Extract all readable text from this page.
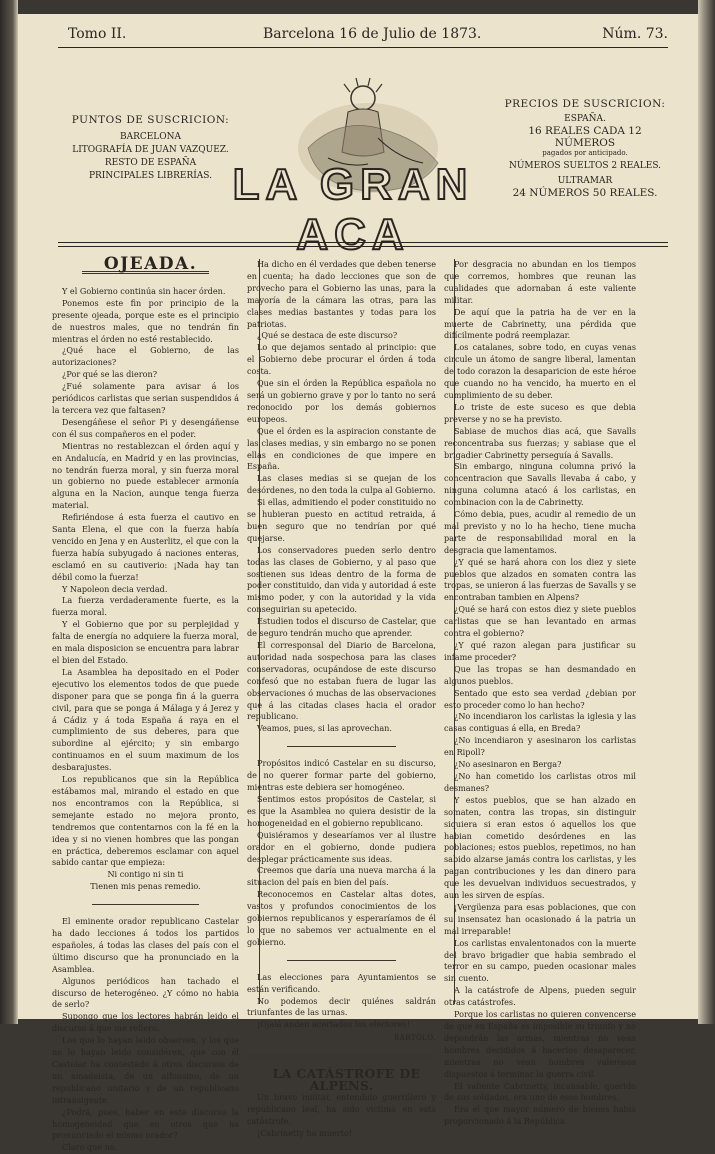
Tomo II.	Barcelona 16 de Julio de 1873.	Núm. 73.
PUNTOS DE SUSCRICION:
BARCELONA
LITOGRAFÍA DE JUAN VAZQUEZ.
RESTO DE ESPAÑA
PRINCIPALES LIBRERÍAS. LA GRAN ACA
PRECIOS DE SUSCRICION:
ESPAÑA.
16 REALES CADA 12 NÚMEROS
pagados por anticipado.
NÚMEROS SUELTOS 2 REALES.
ULTRAMAR
24 NÚMEROS 50 REALES.

OJEADA.

Y el Gobierno continúa sin hacer órden.

Ponemos este fin por principio de la presente ojeada, porque este es el principio de nuestros males, que no tendrán fin mientras el órden no esté restablecido.

¿Qué hace el Gobierno, de las autorizaciones?

¿Por qué se las dieron?

¿Fué solamente para avisar á los periódicos carlistas que serian suspendidos á la tercera vez que faltasen?

Desengáñese el señor Pi y desengáñense con él sus compañeros en el poder.

Mientras no restablezcan el órden aquí y en Andalucía, en Madrid y en las provincias, no tendrán fuerza moral, y sin fuerza moral un gobierno no puede establecer armonía alguna en la Nacion, aunque tenga fuerza material.

Refiriéndose á esta fuerza el cautivo en Santa Elena, el que con la fuerza había vencido en Jena y en Austerlitz, el que con la fuerza había subyugado á naciones enteras, esclamó en su cautiverio: ¡Nada hay tan débil como la fuerza!

Y Napoleon decia verdad.

La fuerza verdaderamente fuerte, es la fuerza moral.

Y el Gobierno que por su perplejidad y falta de energía no adquiere la fuerza moral, en mala disposicion se encuentra para labrar el bien del Estado.

La Asamblea ha depositado en el Poder ejecutivo los elementos todos de que puede disponer para que se ponga fin á la guerra civil, para que se ponga á Málaga y á Jerez y á Cádiz y á toda España á raya en el cumplimiento de sus deberes, para que subordine al ejército; y sin embargo continuamos en el suum maximum de los desbarajustes.

Los republicanos que sin la República estábamos mal, mirando el estado en que nos encontramos con la República, si semejante estado no mejora pronto, tendremos que contentarnos con la fé en la idea y si no vienen hombres que las pongan en práctica, deberemos esclamar con aquel sabido cantar que empieza:

Ni contigo ni sin ti

Tienen mis penas remedio.

El eminente orador republicano Castelar ha dado lecciones á todos los partidos españoles, á todas las clases del país con el último discurso que ha pronunciado en la Asamblea.

Algunos periódicos han tachado el discurso de heterogéneo. ¿Y cómo no habia de serlo?

Supongo que los lectores habrán leido el discurso á que me refiero.

Los que lo hayan leido observen, y los que no lo hayan leido considéren, que con él Castelar ha contestado á otros discursos de un amadeista, de un alfonsino, de un republicano unitario y de un republicano intransigente.

¿Podrá, pues, haber en este discurso la homogeneidad que en otros que ha pronunciado el mismo orador?

Claro que no.

Ha dicho en él verdades que deben tenerse en cuenta; ha dado lecciones que son de provecho para el Gobierno las unas, para la mayoría de la cámara las otras, para las clases medias bastantes y todas para los patriotas.

¿Qué se destaca de este discurso?

Lo que dejamos sentado al principio: que el Gobierno debe procurar el órden á toda costa.

Que sin el órden la República española no será un gobierno grave y por lo tanto no será reconocido por los demás gobiernos europeos.

Que el órden es la aspiracion constante de las clases medias, y sin embargo no se ponen ellas en condiciones de que impere en España.

Las clases medias si se quejan de los desórdenes, no den toda la culpa al Gobierno.

Si ellas, admitiendo el poder constituido no se hubieran puesto en actitud retraida, á buen seguro que no tendrían por qué quejarse.

Los conservadores pueden serlo dentro todas las clases de Gobierno, y al paso que sostienen sus ideas dentro de la forma de poder constituido, dan vida y autoridad á este mismo poder, y con la autoridad y la vida conseguirian su apetecido.

Estudien todos el discurso de Castelar, que de seguro tendrán mucho que aprender.

El corresponsal del Diario de Barcelona, autoridad nada sospechosa para las clases conservadoras, ocupándose de este discurso confesó que no estaban fuera de lugar las observaciones ó muchas de las observaciones que á las citadas clases hacia el orador republicano.

Veamos, pues, si las aprovechan.

Propósitos indicó Castelar en su discurso, de no querer formar parte del gobierno, mientras este debiera ser homogéneo.

Sentimos estos propósitos de Castelar, si es que la Asamblea no quiera desistir de la homogeneidad en el gobierno republicano.

Quisiéramos y desearíamos ver al ilustre orador en el gobierno, donde pudiera desplegar prácticamente sus ideas.

Creemos que daría una nueva marcha á la situacion del país en bien del país.

Reconocemos en Castelar altas dotes, vastos y profundos conocimientos de los gobiernos republicanos y esperaríamos de él lo que no sabemos ver actualmente en el gobierno.

Las elecciones para Ayuntamientos se están verificando.

No podemos decir quiénes saldrán triunfantes de las urnas.

¡Ojalá anden acertados los electores!

BARTOLO.

LA CATÁSTROFE DE ALPENS.

Un bravo militar, entendido guerrillero y republicano leal, ha sido víctima en esta catástrofe.

¡Cabrinetty ha muerto!

Por desgracia no abundan en los tiempos que corremos, hombres que reunan las cualidades que adornaban á este valiente militar.

De aquí que la patria ha de ver en la muerte de Cabrinetty, una pérdida que difícilmente podrá reemplazar.

Los catalanes, sobre todo, en cuyas venas circule un átomo de sangre liberal, lamentan de todo corazon la desaparicion de este héroe que cuando no ha vencido, ha muerto en el cumplimiento de su deber.

Lo triste de este suceso es que debia preverse y no se ha previsto.

Sabiase de muchos dias acá, que Savalls reconcentraba sus fuerzas; y sabiase que el brigadier Cabrinetty perseguía á Savalls.

Sin embargo, ninguna columna privó la concentracion que Savalls llevaba á cabo, y ninguna columna atacó á los carlistas, en combinacion con la de Cabrinetty.

Cómo debia, pues, acudir al remedio de un mal previsto y no lo ha hecho, tiene mucha parte de responsabilidad moral en la desgracia que lamentamos.

¿Y qué se hará ahora con los diez y siete pueblos que alzados en somaten contra las tropas, se unieron á las fuerzas de Savalls y se encontraban tambien en Alpens?

¿Qué se hará con estos diez y siete pueblos carlistas que se han levantado en armas contra el gobierno?

¿Y qué razon alegan para justificar su infame proceder?

Que las tropas se han desmandado en algunos pueblos.

Sentado que esto sea verdad ¿debian por esto proceder como lo han hecho?

¿No incendiaron los carlistas la iglesia y las casas contiguas á ella, en Breda?

¿No incendiaron y asesinaron los carlistas en Ripoll?

¿No asesinaron en Berga?

¿No han cometido los carlistas otros mil desmanes?

Y estos pueblos, que se han alzado en somaten, contra las tropas, sin distinguir siquiera si eran estos ó aquellos los que habian cometido desórdenes en las poblaciones; estos pueblos, repetimos, no han sabido alzarse jamás contra los carlistas, y les pagan contribuciones y les dan dinero para que les devuelvan individuos secuestrados, y aun les sirven de espías.

¡Vergüenza para esas poblaciones, que con su insensatez han ocasionado á la patria un mal irreparable!

Los carlistas envalentonados con la muerte del bravo brigadier que habia sembrado el terror en su campo, pueden ocasionar males sin cuento.

A la catástrofe de Alpens, pueden seguir otras catástrofes.

Porque los carlistas no quieren convencerse de que en España es imposible su triunfo y no depondrán las armas, mientras no vean hombres decididos á hacerlos desaparecer, mientras no vean hombres valerosos dispuestos á terminar la guerra civil.

El valiente Cabrinetty, incansable, querido de sus soldados, era uno de esos hombres.

Era el que mayor número de bienes habia proporcionado á la República.
